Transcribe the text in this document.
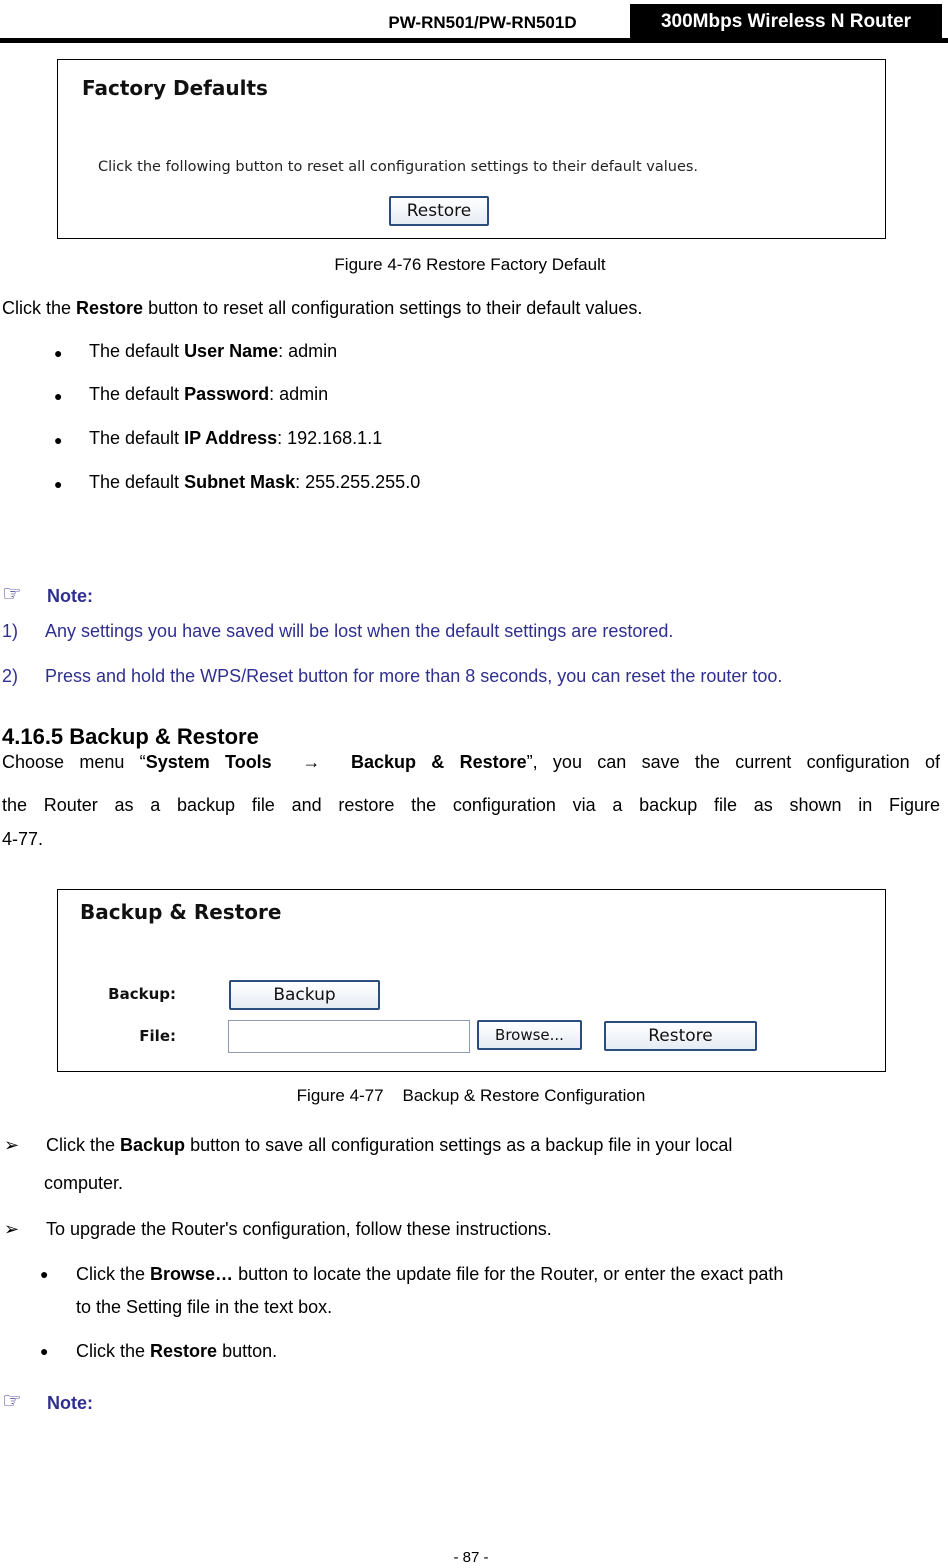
PW-RN501/PW-RN501D	300Mbps Wireless N Router
Factory Defaults
Click the following button to reset all configuration settings to their default values.
Restore
Figure 4-76 Restore Factory Default
Click the Restore button to reset all configuration settings to their default values.
● The default User Name: admin
● The default Password: admin
● The default IP Address: 192.168.1.1
● The default Subnet Mask: 255.255.255.0
☞ Note:
1) Any settings you have saved will be lost when the default settings are restored.
2) Press and hold the WPS/Reset button for more than 8 seconds, you can reset the router too.
4.16.5 Backup & Restore
Choose menu “System Tools → Backup & Restore”, you can save the current configuration of
the Router as a backup file and restore the configuration via a backup file as shown in Figure
4-77.
Backup & Restore
Backup:	Backup
File:	Browse...	Restore
Figure 4-77    Backup & Restore Configuration
➢ Click the Backup button to save all configuration settings as a backup file in your local
computer.
➢ To upgrade the Router's configuration, follow these instructions.
● Click the Browse… button to locate the update file for the Router, or enter the exact path
to the Setting file in the text box.
● Click the Restore button.
☞ Note:
- 87 -
